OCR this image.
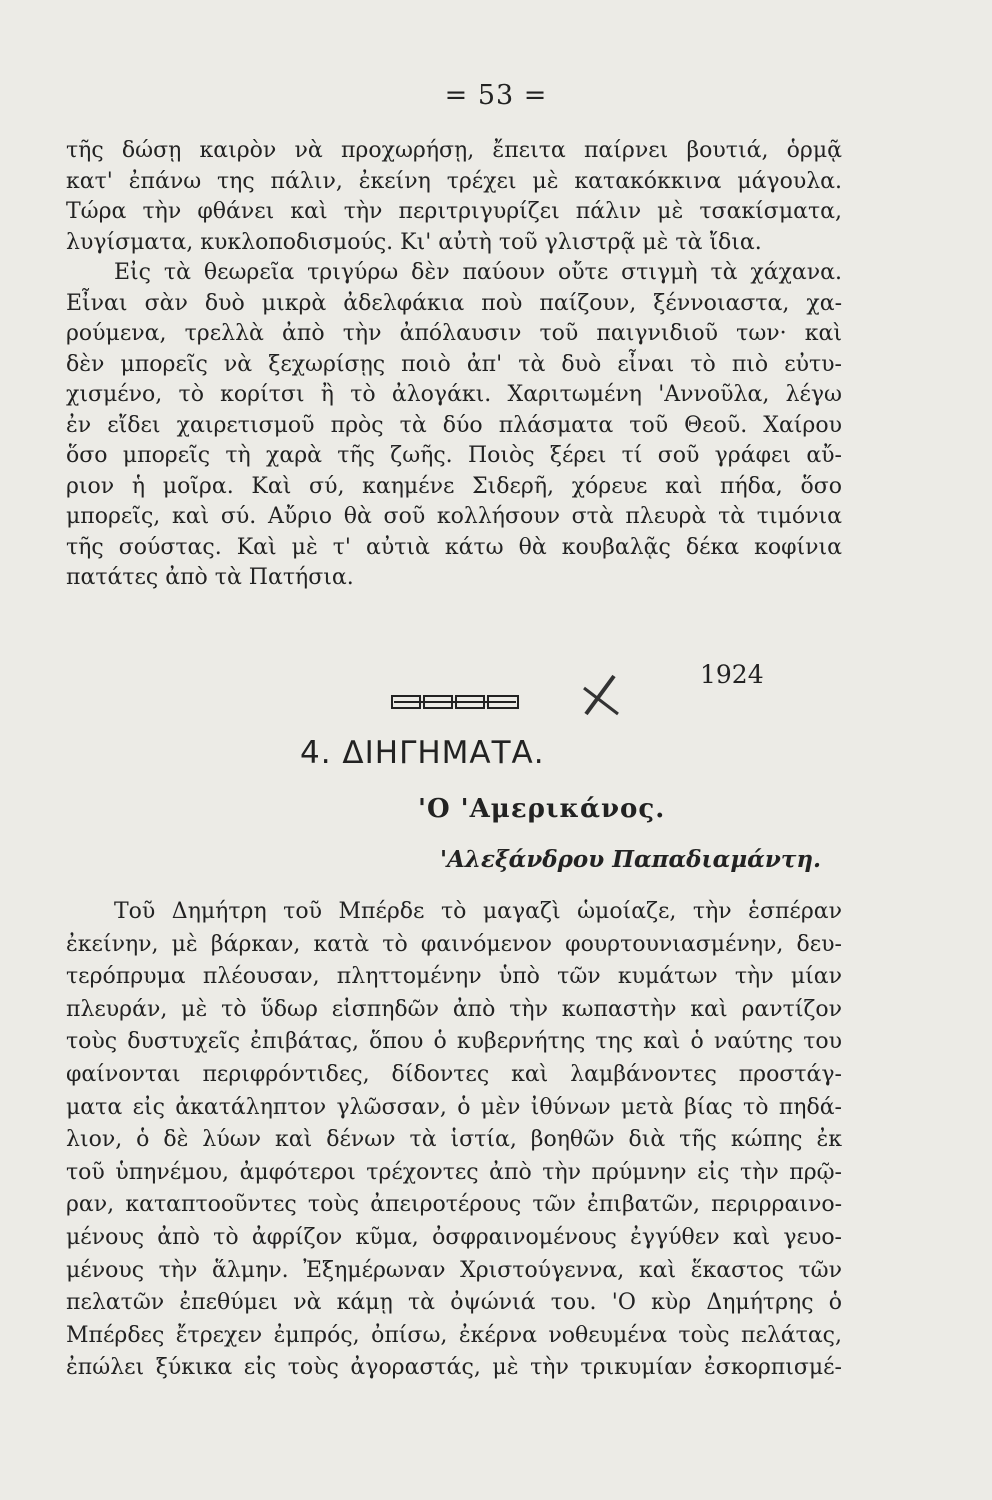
= 53 =
τῆς δώσῃ καιρὸν νὰ προχωρήσῃ, ἔπειτα παίρνει βουτιά, ὁρμᾷ
κατ' ἐπάνω της πάλιν, ἐκείνη τρέχει μὲ κατακόκκινα μάγουλα.
Τώρα τὴν φθάνει καὶ τὴν περιτριγυρίζει πάλιν μὲ τσακίσματα,
λυγίσματα, κυκλοποδισμούς. Κι' αὐτὴ τοῦ γλιστρᾷ μὲ τὰ ἴδια.
Εἰς τὰ θεωρεῖα τριγύρω δὲν παύουν οὔτε στιγμὴ τὰ χάχανα.
Εἶναι σὰν δυὸ μικρὰ ἀδελφάκια ποὺ παίζουν, ξέννοιαστα, χα-
ρούμενα, τρελλὰ ἀπὸ τὴν ἀπόλαυσιν τοῦ παιγνιδιοῦ των· καὶ
δὲν μπορεῖς νὰ ξεχωρίσῃς ποιὸ ἀπ' τὰ δυὸ εἶναι τὸ πιὸ εὐτυ-
χισμένο, τὸ κορίτσι ἢ τὸ ἀλογάκι. Χαριτωμένη 'Αννοῦλα, λέγω
ἐν εἴδει χαιρετισμοῦ πρὸς τὰ δύο πλάσματα τοῦ Θεοῦ. Χαίρου
ὅσο μπορεῖς τὴ χαρὰ τῆς ζωῆς. Ποιὸς ξέρει τί σοῦ γράφει αὔ-
ριον ἡ μοῖρα. Καὶ σύ, καημένε Σιδερῆ, χόρευε καὶ πήδα, ὅσο
μπορεῖς, καὶ σύ. Αὔριο θὰ σοῦ κολλήσουν στὰ πλευρὰ τὰ τιμόνια
τῆς σούστας. Καὶ μὲ τ' αὐτιὰ κάτω θὰ κουβαλᾷς δέκα κοφίνια
πατάτες ἀπὸ τὰ Πατήσια.
1924
4. ΔΙΗΓΗΜΑΤΑ.
'Ο 'Αμερικάνος.
'Αλεξάνδρου Παπαδιαμάντη.
Τοῦ Δημήτρη τοῦ Μπέρδε τὸ μαγαζὶ ὡμοίαζε, τὴν ἑσπέραν
ἐκείνην, μὲ βάρκαν, κατὰ τὸ φαινόμενον φουρτουνιασμένην, δευ-
τερόπρυμα πλέουσαν, πληττομένην ὑπὸ τῶν κυμάτων τὴν μίαν
πλευράν, μὲ τὸ ὕδωρ εἰσπηδῶν ἀπὸ τὴν κωπαστὴν καὶ ραντίζον
τοὺς δυστυχεῖς ἐπιβάτας, ὅπου ὁ κυβερνήτης της καὶ ὁ ναύτης του
φαίνονται περιφρόντιδες, δίδοντες καὶ λαμβάνοντες προστάγ-
ματα εἰς ἀκατάληπτον γλῶσσαν, ὁ μὲν ἰθύνων μετὰ βίας τὸ πηδά-
λιον, ὁ δὲ λύων καὶ δένων τὰ ἱστία, βοηθῶν διὰ τῆς κώπης ἐκ
τοῦ ὑπηνέμου, ἀμφότεροι τρέχοντες ἀπὸ τὴν πρύμνην εἰς τὴν πρῷ-
ραν, καταπτοοῦντες τοὺς ἀπειροτέρους τῶν ἐπιβατῶν, περιρραινο-
μένους ἀπὸ τὸ ἀφρίζον κῦμα, ὀσφραινομένους ἐγγύθεν καὶ γευο-
μένους τὴν ἅλμην. Ἐξημέρωναν Χριστούγεννα, καὶ ἕκαστος τῶν
πελατῶν ἐπεθύμει νὰ κάμῃ τὰ ὀψώνιά του. 'Ο κὺρ Δημήτρης ὁ
Μπέρδες ἔτρεχεν ἐμπρός, ὀπίσω, ἐκέρνα νοθευμένα τοὺς πελάτας,
ἐπώλει ξύκικα εἰς τοὺς ἀγοραστάς, μὲ τὴν τρικυμίαν ἐσκορπισμέ-
